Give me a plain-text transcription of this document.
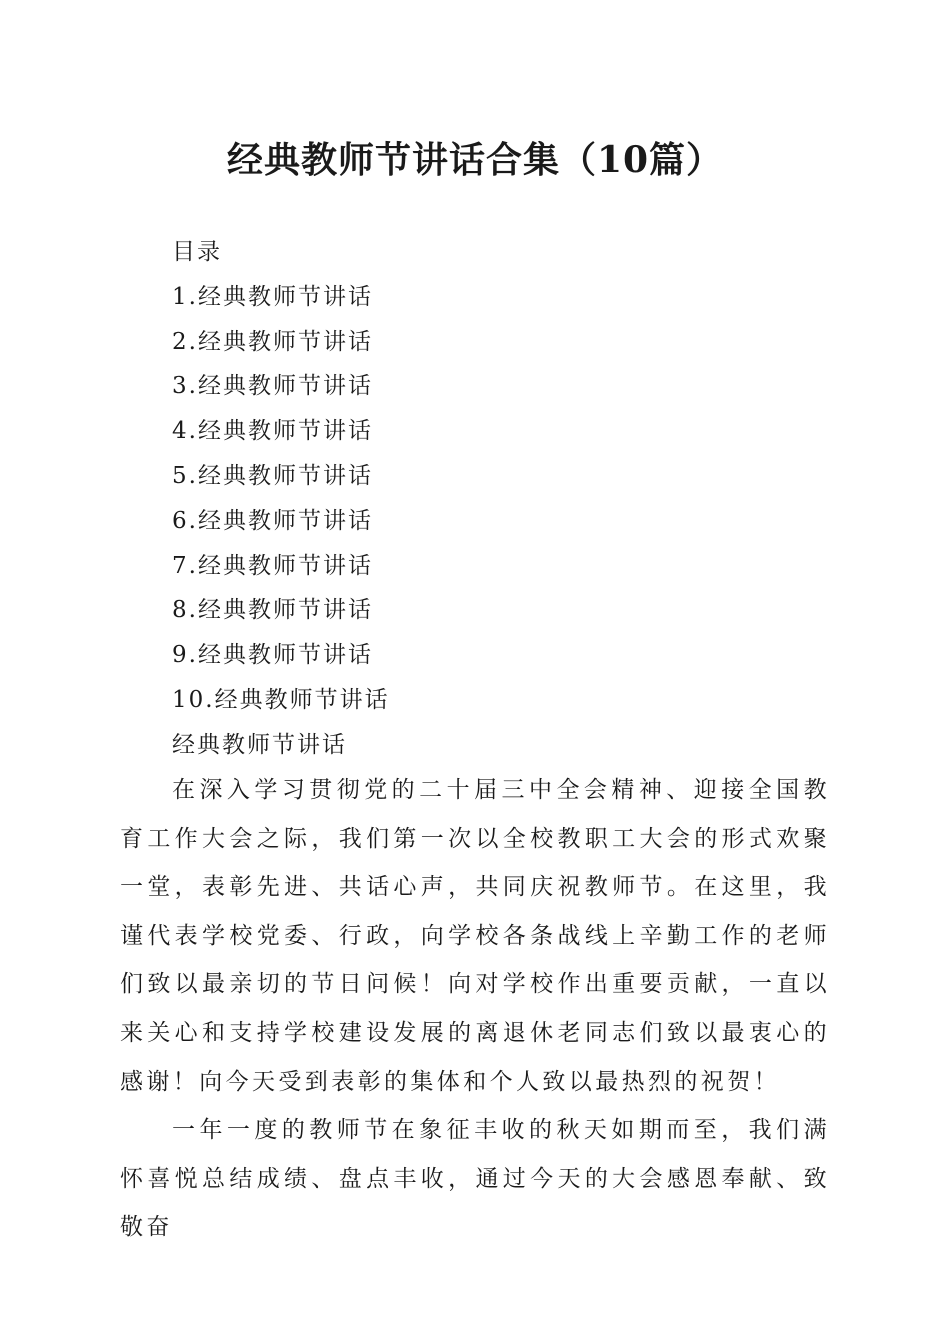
经典教师节讲话合集（10篇）
目录
1.经典教师节讲话
2.经典教师节讲话
3.经典教师节讲话
4.经典教师节讲话
5.经典教师节讲话
6.经典教师节讲话
7.经典教师节讲话
8.经典教师节讲话
9.经典教师节讲话
10.经典教师节讲话
经典教师节讲话

在深入学习贯彻党的二十届三中全会精神、迎接全国教育工作大会之际，我们第一次以全校教职工大会的形式欢聚一堂，表彰先进、共话心声，共同庆祝教师节。在这里，我谨代表学校党委、行政，向学校各条战线上辛勤工作的老师们致以最亲切的节日问候！向对学校作出重要贡献，一直以来关心和支持学校建设发展的离退休老同志们致以最衷心的感谢！向今天受到表彰的集体和个人致以最热烈的祝贺！

一年一度的教师节在象征丰收的秋天如期而至，我们满怀喜悦总结成绩、盘点丰收，通过今天的大会感恩奉献、致敬奋
